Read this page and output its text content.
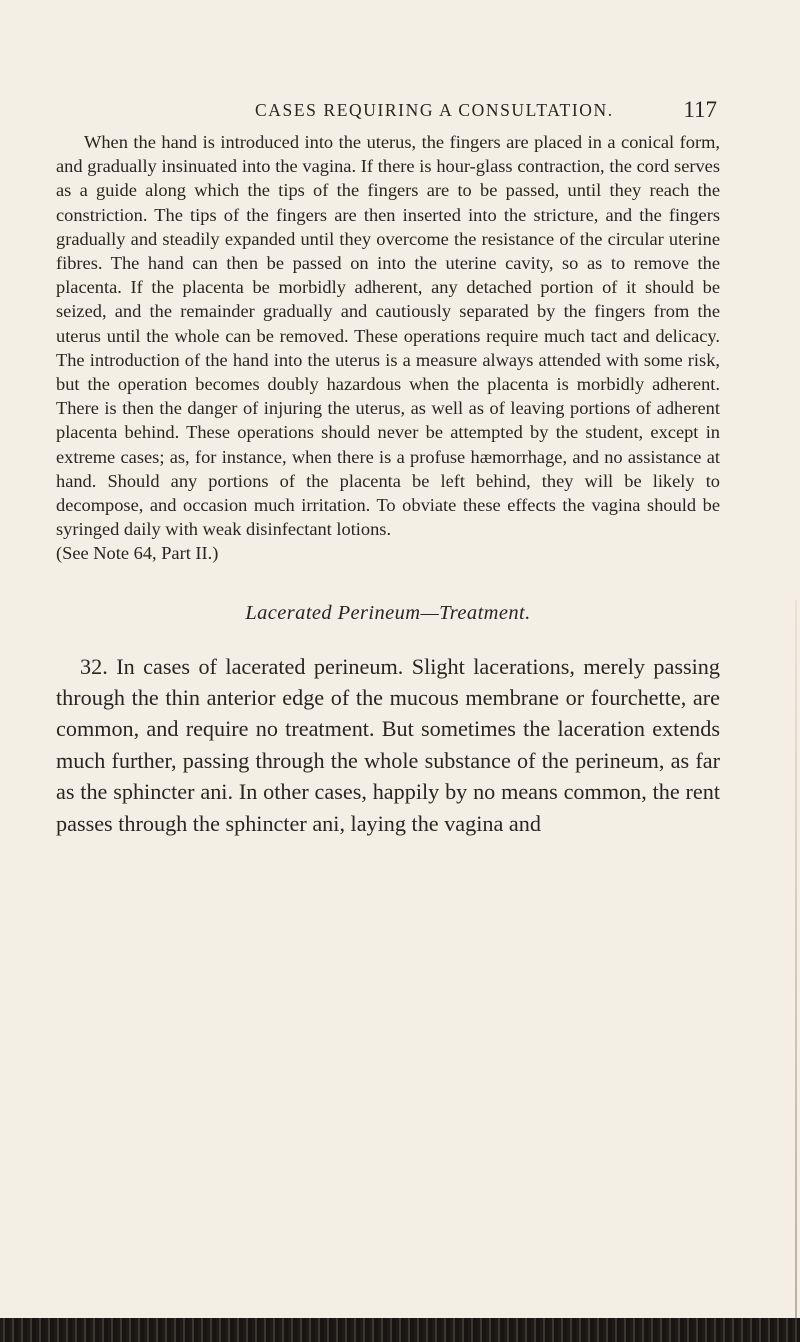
CASES REQUIRING A CONSULTATION.	117

When the hand is introduced into the uterus, the fingers are placed in a conical form, and gradually insinuated into the vagina. If there is hour-glass contraction, the cord serves as a guide along which the tips of the fingers are to be passed, until they reach the constriction. The tips of the fingers are then inserted into the stricture, and the fingers gradually and steadily expanded until they overcome the resistance of the circular uterine fibres. The hand can then be passed on into the uterine cavity, so as to remove the placenta. If the placenta be morbidly adherent, any detached portion of it should be seized, and the remainder gradually and cautiously separated by the fingers from the uterus until the whole can be removed. These operations require much tact and delicacy. The introduction of the hand into the uterus is a measure always attended with some risk, but the operation becomes doubly hazardous when the placenta is morbidly adherent. There is then the danger of injuring the uterus, as well as of leaving portions of adherent placenta behind. These operations should never be attempted by the student, except in extreme cases; as, for instance, when there is a profuse hæmorrhage, and no assistance at hand. Should any portions of the placenta be left behind, they will be likely to decompose, and occasion much irritation. To obviate these effects the vagina should be syringed daily with weak disinfectant lotions.
(See Note 64, Part II.)

Lacerated Perineum—Treatment.

32. In cases of lacerated perineum. Slight lacerations, merely passing through the thin anterior edge of the mucous membrane or fourchette, are common, and require no treatment. But sometimes the laceration extends much further, passing through the whole substance of the perineum, as far as the sphincter ani. In other cases, happily by no means common, the rent passes through the sphincter ani, laying the vagina and
